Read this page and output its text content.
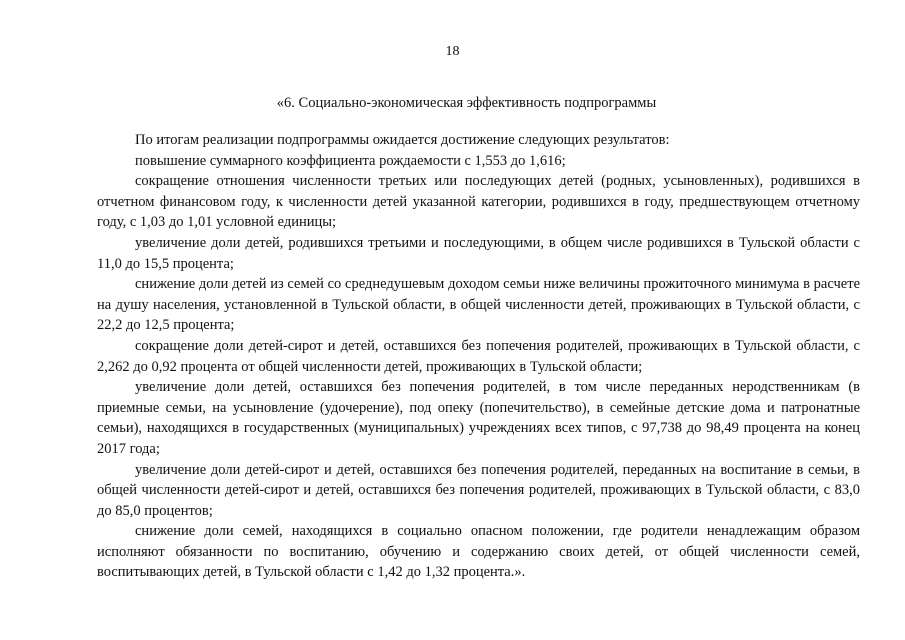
18
«6. Социально-экономическая эффективность подпрограммы

По итогам реализации подпрограммы ожидается достижение следующих результатов:

повышение суммарного коэффициента рождаемости с 1,553 до 1,616;

сокращение отношения численности третьих или последующих детей (родных, усыновленных), родившихся в отчетном финансовом году, к численности детей указанной категории, родившихся в году, предшествующем отчетному году, с 1,03 до 1,01 условной единицы;

увеличение доли детей, родившихся третьими и последующими, в общем числе родившихся в Тульской области с 11,0 до 15,5 процента;

снижение доли детей из семей со среднедушевым доходом семьи ниже величины прожиточного минимума в расчете на душу населения, установленной в Тульской области, в общей численности детей, проживающих в Тульской области, с 22,2 до 12,5 процента;

сокращение доли детей-сирот и детей, оставшихся без попечения родителей, проживающих в Тульской области, с 2,262 до 0,92 процента от общей численности детей, проживающих в Тульской области;

увеличение доли детей, оставшихся без попечения родителей, в том числе переданных неродственникам (в приемные семьи, на усыновление (удочерение), под опеку (попечительство), в семейные детские дома и патронатные семьи), находящихся в государственных (муниципальных) учреждениях всех типов, с 97,738 до 98,49 процента на конец 2017 года;

увеличение доли детей-сирот и детей, оставшихся без попечения родителей, переданных на воспитание в семьи, в общей численности детей-сирот и детей, оставшихся без попечения родителей, проживающих в Тульской области, с 83,0 до 85,0 процентов;

снижение доли семей, находящихся в социально опасном положении, где родители ненадлежащим образом исполняют обязанности по воспитанию, обучению и содержанию своих детей, от общей численности семей, воспитывающих детей, в Тульской области с 1,42 до 1,32 процента.».
